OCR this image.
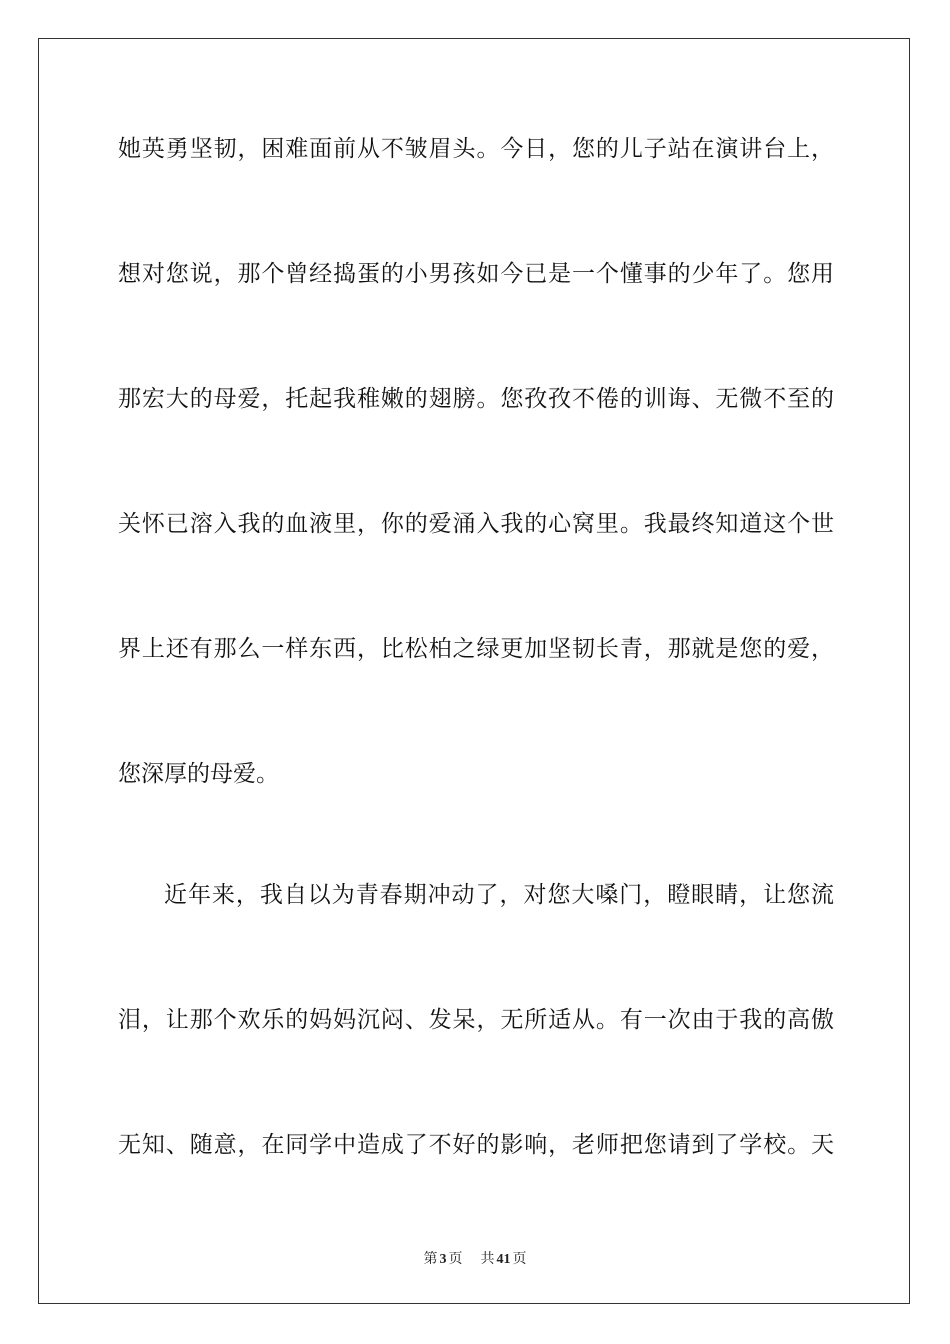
她英勇坚韧，困难面前从不皱眉头。今日，您的儿子站在演讲台上，
想对您说，那个曾经捣蛋的小男孩如今已是一个懂事的少年了。您用
那宏大的母爱，托起我稚嫩的翅膀。您孜孜不倦的训诲、无微不至的
关怀已溶入我的血液里，你的爱涌入我的心窝里。我最终知道这个世
界上还有那么一样东西，比松柏之绿更加坚韧长青，那就是您的爱，
您深厚的母爱。
近年来，我自以为青春期冲动了，对您大嗓门，瞪眼睛，让您流
泪，让那个欢乐的妈妈沉闷、发呆，无所适从。有一次由于我的高傲
无知、随意，在同学中造成了不好的影响，老师把您请到了学校。天
第 3 页 共 41 页
